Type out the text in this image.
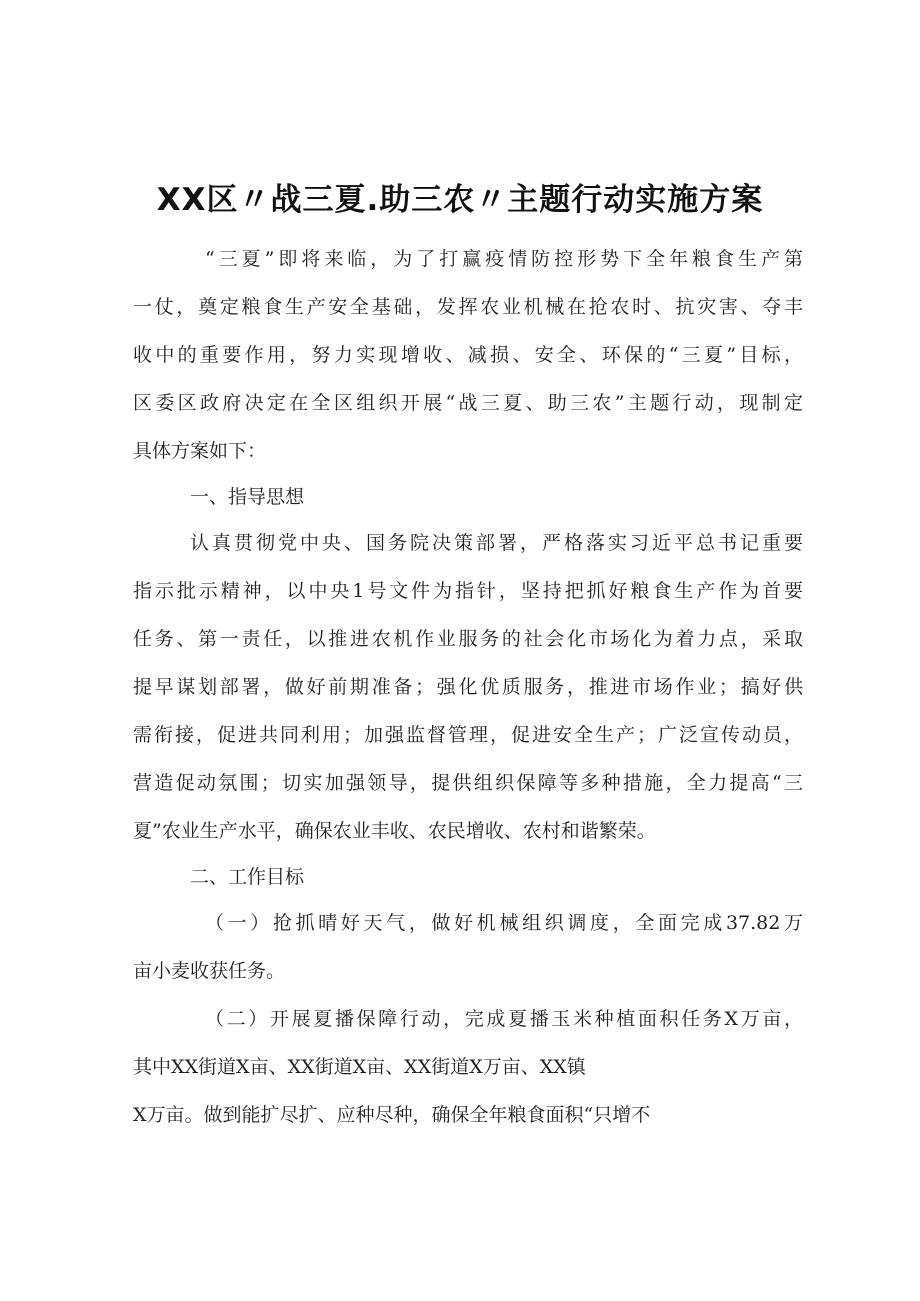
XX区〃战三夏.助三农〃主题行动实施方案
“三夏”即将来临，为了打赢疫情防控形势下全年粮食生产第
一仗，奠定粮食生产安全基础，发挥农业机械在抢农时、抗灾害、夺丰
收中的重要作用，努力实现增收、减损、安全、环保的“三夏”目标，
区委区政府决定在全区组织开展“战三夏、助三农”主题行动，现制定
具体方案如下：
一、指导思想
认真贯彻党中央、国务院决策部署，严格落实习近平总书记重要
指示批示精神，以中央1号文件为指针，坚持把抓好粮食生产作为首要
任务、第一责任，以推进农机作业服务的社会化市场化为着力点，采取
提早谋划部署，做好前期准备；强化优质服务，推进市场作业；搞好供
需衔接，促进共同利用；加强监督管理，促进安全生产；广泛宣传动员，
营造促动氛围；切实加强领导，提供组织保障等多种措施，全力提高“三
夏”农业生产水平，确保农业丰收、农民增收、农村和谐繁荣。
二、工作目标
（一）抢抓晴好天气，做好机械组织调度，全面完成37.82万
亩小麦收获任务。
（二）开展夏播保障行动，完成夏播玉米种植面积任务X万亩，
其中XX街道X亩、XX街道X亩、XX街道X万亩、XX镇
X万亩。做到能扩尽扩、应种尽种，确保全年粮食面积“只增不
